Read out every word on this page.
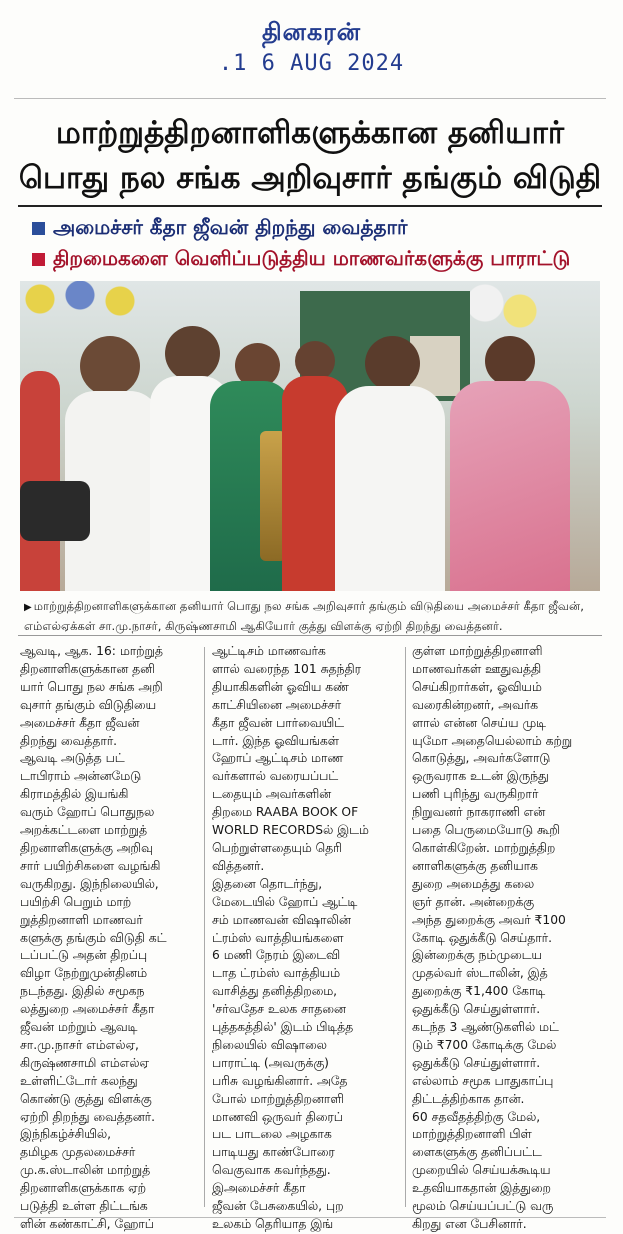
தினகரன்
.1 6 AUG 2024
மாற்றுத்திறனாளிகளுக்கான தனியார்
பொது நல சங்க அறிவுசார் தங்கும் விடுதி
அமைச்சர் கீதா ஜீவன் திறந்து வைத்தார்
திறமைகளை வெளிப்படுத்திய மாணவர்களுக்கு பாராட்டு
▶ மாற்றுத்திறனாளிகளுக்கான தனியார் பொது நல சங்க அறிவுசார் தங்கும் விடுதியை அமைச்சர் கீதா ஜீவன், எம்எல்ஏக்கள் சா.மு.நாசர், கிருஷ்ணசாமி ஆகியோர் குத்து விளக்கு ஏற்றி திறந்து வைத்தனர்.
ஆவடி, ஆக. 16: மாற்றுத்
திறனாளிகளுக்கான தனி
யார் பொது நல சங்க அறி
வுசார் தங்கும் விடுதியை
அமைச்சர் கீதா ஜீவன்
திறந்து வைத்தார்.
ஆவடி அடுத்த பட்
டாபிராம் அன்னமேடு
கிராமத்தில் இயங்கி
வரும் ஹோப் பொதுநல
அறக்கட்டளை மாற்றுத்
திறனாளிகளுக்கு அறிவு
சார் பயிற்சிகளை வழங்கி
வருகிறது. இந்நிலையில்,
பயிற்சி பெறும் மாற்
றுத்திறனாளி மாணவர்
களுக்கு தங்கும் விடுதி கட்
டப்பட்டு அதன் திறப்பு
விழா நேற்றுமுன்தினம்
நடந்தது. இதில் சமூகந
லத்துறை அமைச்சர் கீதா
ஜீவன் மற்றும் ஆவடி
சா.மு.நாசர் எம்எல்ஏ,
கிருஷ்ணசாமி எம்எல்ஏ
உள்ளிட்டோர் கலந்து
கொண்டு குத்து விளக்கு
ஏற்றி திறந்து வைத்தனர்.
இந்நிகழ்ச்சியில்,
தமிழக முதலமைச்சர்
மு.க.ஸ்டாலின் மாற்றுத்
திறனாளிகளுக்காக ஏற்
படுத்தி உள்ள திட்டங்க
ளின் கண்காட்சி, ஹோப்
ஆட்டிசம் மாணவர்க
ளால் வரைந்த 101 சுதந்திர
தியாகிகளின் ஓவிய கண்
காட்சியினை அமைச்சர்
கீதா ஜீவன் பார்வையிட்
டார். இந்த ஓவியங்கள்
ஹோப் ஆட்டிசம் மாண
வர்களால் வரையப்பட்
டதையும் அவர்களின்
திறமை RAABA BOOK OF
WORLD RECORDSல் இடம்
பெற்றுள்ளதையும் தெரி
வித்தனர்.
இதனை தொடர்ந்து,
மேடையில் ஹோப் ஆட்டி
சம் மாணவன் விஷாலின்
ட்ரம்ஸ் வாத்தியங்களை
6 மணி நேரம் இடைவி
டாத ட்ரம்ஸ் வாத்தியம்
வாசித்து தனித்திறமை,
'சர்வதேச உலக சாதனை
புத்தகத்தில்' இடம் பிடித்த
நிலையில் விஷாலை
பாராட்டி (அவருக்கு)
பரிசு வழங்கினார். அதே
போல் மாற்றுத்திறனாளி
மாணவி ஒருவர் திரைப்
பட பாடலை அழகாக
பாடியது காண்போரை
வெகுவாக கவர்ந்தது.
இஅமைச்சர் கீதா
ஜீவன் பேசுகையில், புற
உலகம் தெரியாத இங்
குள்ள மாற்றுத்திறனாளி
மாணவர்கள் ஊதுவத்தி
செய்கிறார்கள், ஓவியம்
வரைகின்றனர், அவர்க
ளால் என்ன செய்ய முடி
யுமோ அதையெல்லாம் கற்று
கொடுத்து, அவர்களோடு
ஒருவராக உடன் இருந்து
பணி புரிந்து வருகிறார்
நிறுவனர் நாகராணி என்
பதை பெருமையோடு கூறி
கொள்கிறேன். மாற்றுத்திற
னாளிகளுக்கு தனியாக
துறை அமைத்து கலை
ஞர் தான். அன்றைக்கு
அந்த துறைக்கு அவர் ₹100
கோடி ஒதுக்கீடு செய்தார்.
இன்றைக்கு நம்முடைய
முதல்வர் ஸ்டாலின், இத்
துறைக்கு ₹1,400 கோடி
ஒதுக்கீடு செய்துள்ளார்.
கடந்த 3 ஆண்டுகளில் மட்
டும் ₹700 கோடிக்கு மேல்
ஒதுக்கீடு செய்துள்ளார்.
எல்லாம் சமூக பாதுகாப்பு
திட்டத்திற்காக தான்.
60 சதவீதத்திற்கு மேல்,
மாற்றுத்திறனாளி பிள்
ளைகளுக்கு தனிப்பட்ட
முறையில் செய்யக்கூடிய
உதவியாகதான் இத்துறை
மூலம் செய்யப்பட்டு வரு
கிறது என பேசினார்.
